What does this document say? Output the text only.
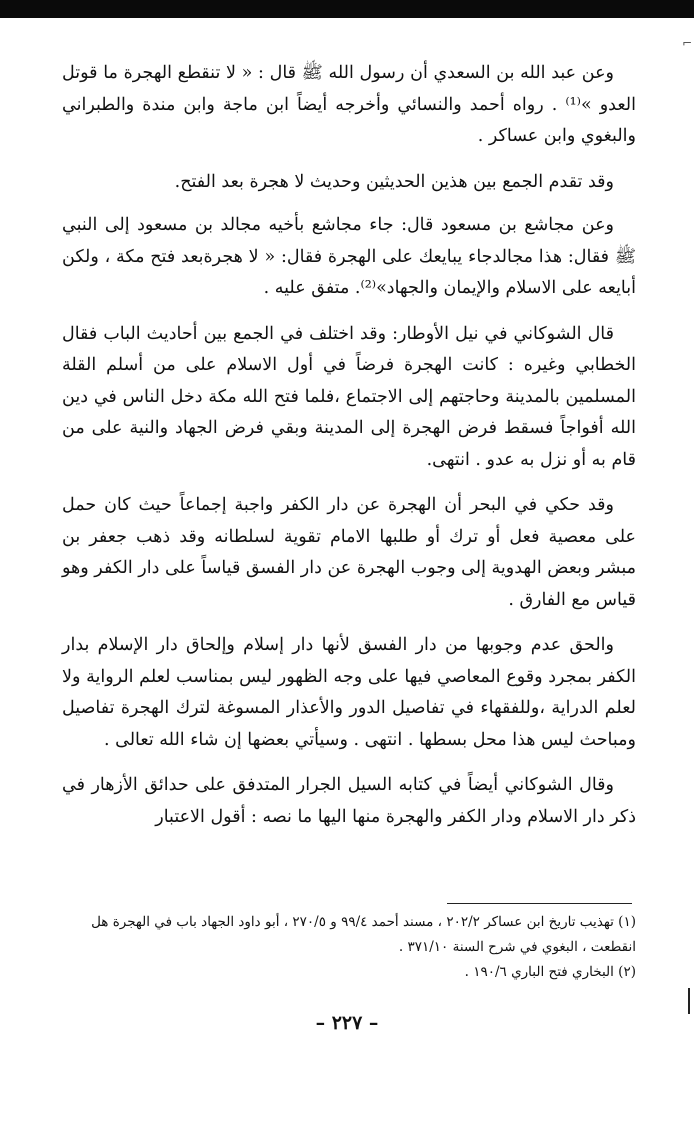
⌐

وعن عبد الله بن السعدي أن رسول الله ﷺ قال : « لا تنقطع الهجرة ما قوتل العدو »⁽¹⁾ . رواه أحمد والنسائي وأخرجه أيضاً ابن ماجة وابن مندة والطبراني والبغوي وابن عساكر .

وقد تقدم الجمع بين هذين الحديثين وحديث لا هجرة بعد الفتح.

وعن مجاشع بن مسعود قال: جاء مجاشع بأخيه مجالد بن مسعود إلى النبي ﷺ فقال: هذا مجالدجاء يبايعك على الهجرة فقال: « لا هجرةبعد فتح مكة ، ولكن أبايعه على الاسلام والإيمان والجهاد»⁽²⁾. متفق عليه .

قال الشوكاني في نيل الأوطار: وقد اختلف في الجمع بين أحاديث الباب فقال الخطابي وغيره : كانت الهجرة فرضاً في أول الاسلام على من أسلم القلة المسلمين بالمدينة وحاجتهم إلى الاجتماع ،فلما فتح الله مكة دخل الناس في دين الله أفواجاً فسقط فرض الهجرة إلى المدينة وبقي فرض الجهاد والنية على من قام به أو نزل به عدو . انتهى.

وقد حكي في البحر أن الهجرة عن دار الكفر واجبة إجماعاً حيث كان حمل على معصية فعل أو ترك أو طلبها الامام تقوية لسلطانه وقد ذهب جعفر بن مبشر وبعض الهدوية إلى وجوب الهجرة عن دار الفسق قياساً على دار الكفر وهو قياس مع الفارق .

والحق عدم وجوبها من دار الفسق لأنها دار إسلام وإلحاق دار الإسلام بدار الكفر بمجرد وقوع المعاصي فيها على وجه الظهور ليس بمناسب لعلم الرواية ولا لعلم الدراية ،وللفقهاء في تفاصيل الدور والأعذار المسوغة لترك الهجرة تفاصيل ومباحث ليس هذا محل بسطها . انتهى . وسيأتي بعضها إن شاء الله تعالى .

وقال الشوكاني أيضاً في كتابه السيل الجرار المتدفق على حدائق الأزهار في ذكر دار الاسلام ودار الكفر والهجرة منها اليها ما نصه : أقول الاعتبار

(١) تهذيب تاريخ ابن عساكر ٢٠٢/٢ ، مسند أحمد ٩٩/٤ و ٢٧٠/٥ ، أبو داود الجهاد باب في الهجرة هل انقطعت ، البغوي في شرح السنة ٣٧١/١٠ .

(٢) البخاري فتح الباري ١٩٠/٦ .

– ٢٢٧ –
